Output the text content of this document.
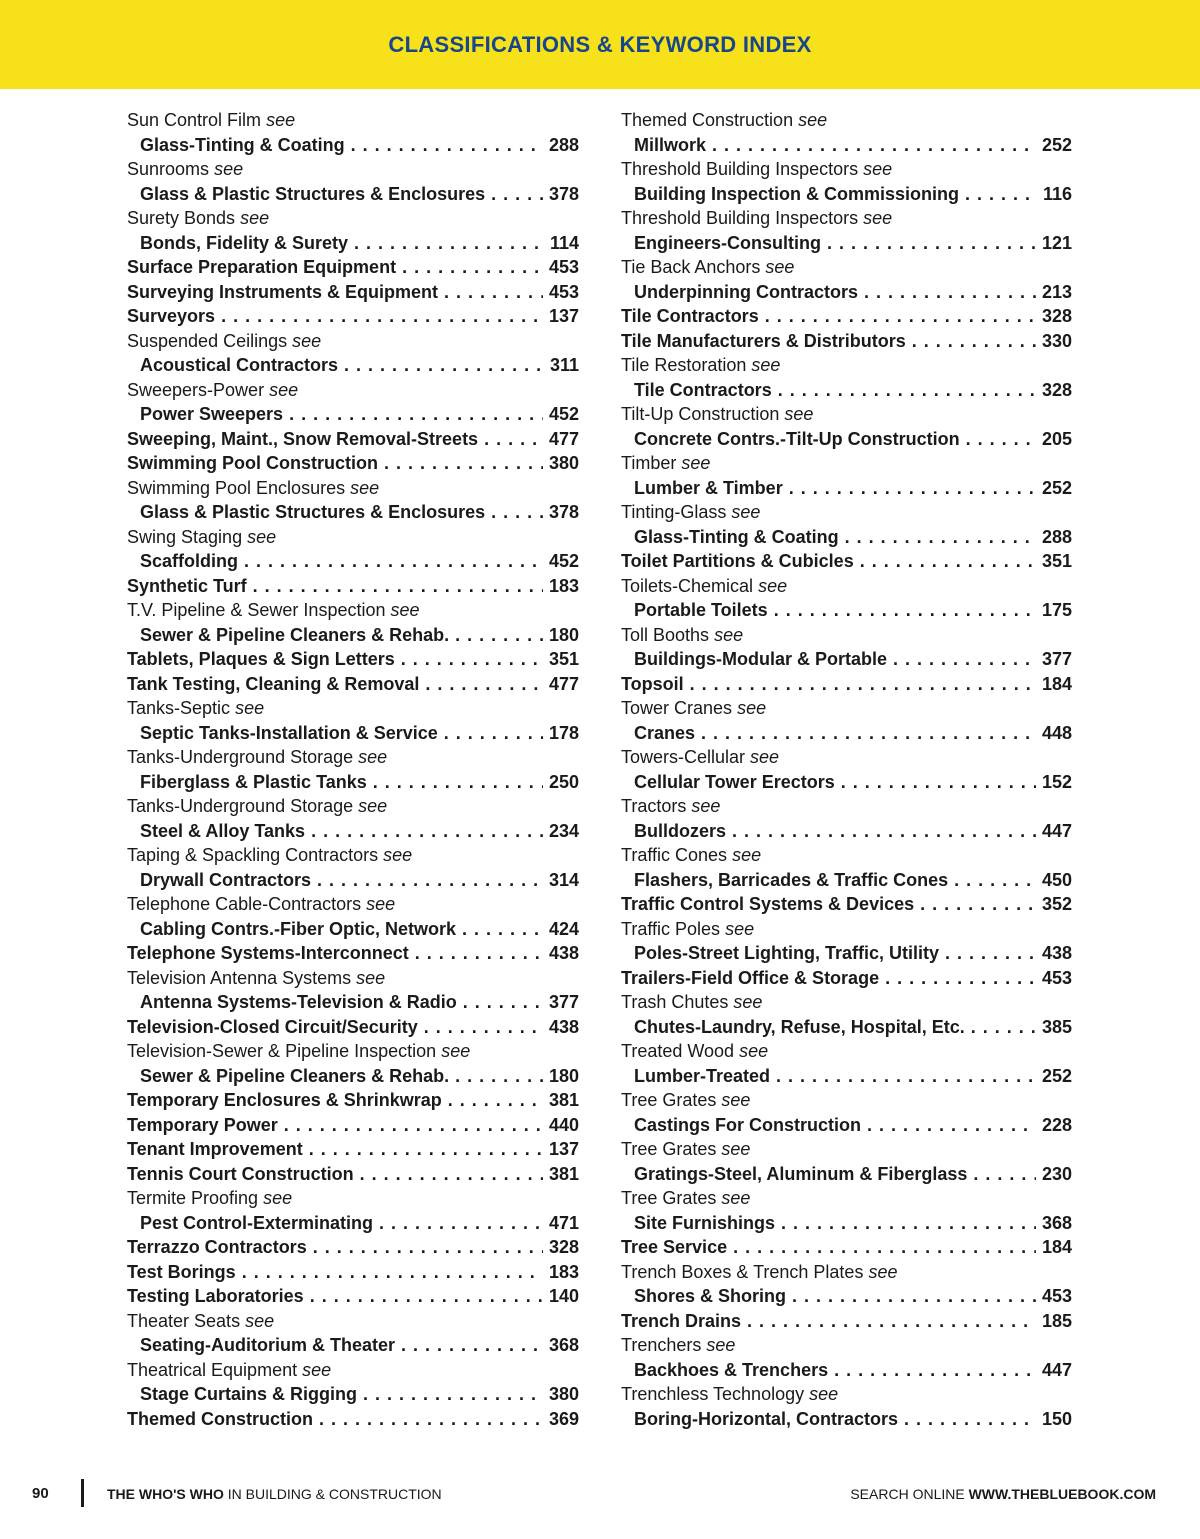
CLASSIFICATIONS & KEYWORD INDEX
Sun Control Film see
Glass-Tinting & Coating . . .	288
Sunrooms see
Glass & Plastic Structures & Enclosures . . .	378
Surety Bonds see
Bonds, Fidelity & Surety . . .	114
Surface Preparation Equipment . . .	453
Surveying Instruments & Equipment . . .	453
Surveyors . . .	137
Suspended Ceilings see
Acoustical Contractors . . .	311
Sweepers-Power see
Power Sweepers . . .	452
Sweeping, Maint., Snow Removal-Streets . . .	477
Swimming Pool Construction . . .	380
Swimming Pool Enclosures see
Glass & Plastic Structures & Enclosures . . .	378
Swing Staging see
Scaffolding . . .	452
Synthetic Turf . . .	183
T.V. Pipeline & Sewer Inspection see
Sewer & Pipeline Cleaners & Rehab. . . .	180
Tablets, Plaques & Sign Letters . . .	351
Tank Testing, Cleaning & Removal . . .	477
Tanks-Septic see
Septic Tanks-Installation & Service . . .	178
Tanks-Underground Storage see
Fiberglass & Plastic Tanks . . .	250
Tanks-Underground Storage see
Steel & Alloy Tanks . . .	234
Taping & Spackling Contractors see
Drywall Contractors . . .	314
Telephone Cable-Contractors see
Cabling Contrs.-Fiber Optic, Network . . .	424
Telephone Systems-Interconnect . . .	438
Television Antenna Systems see
Antenna Systems-Television & Radio . . .	377
Television-Closed Circuit/Security . . .	438
Television-Sewer & Pipeline Inspection see
Sewer & Pipeline Cleaners & Rehab. . . .	180
Temporary Enclosures & Shrinkwrap . . .	381
Temporary Power . . .	440
Tenant Improvement . . .	137
Tennis Court Construction . . .	381
Termite Proofing see
Pest Control-Exterminating . . .	471
Terrazzo Contractors . . .	328
Test Borings . . .	183
Testing Laboratories . . .	140
Theater Seats see
Seating-Auditorium & Theater . . .	368
Theatrical Equipment see
Stage Curtains & Rigging . . .	380
Themed Construction . . .	369
Themed Construction see
Millwork . . .	252
Threshold Building Inspectors see
Building Inspection & Commissioning . . .	116
Threshold Building Inspectors see
Engineers-Consulting . . .	121
Tie Back Anchors see
Underpinning Contractors . . .	213
Tile Contractors . . .	328
Tile Manufacturers & Distributors . . .	330
Tile Restoration see
Tile Contractors . . .	328
Tilt-Up Construction see
Concrete Contrs.-Tilt-Up Construction . . .	205
Timber see
Lumber & Timber . . .	252
Tinting-Glass see
Glass-Tinting & Coating . . .	288
Toilet Partitions & Cubicles . . .	351
Toilets-Chemical see
Portable Toilets . . .	175
Toll Booths see
Buildings-Modular & Portable . . .	377
Topsoil . . .	184
Tower Cranes see
Cranes . . .	448
Towers-Cellular see
Cellular Tower Erectors . . .	152
Tractors see
Bulldozers . . .	447
Traffic Cones see
Flashers, Barricades & Traffic Cones . . .	450
Traffic Control Systems & Devices . . .	352
Traffic Poles see
Poles-Street Lighting, Traffic, Utility . . .	438
Trailers-Field Office & Storage . . .	453
Trash Chutes see
Chutes-Laundry, Refuse, Hospital, Etc. . . .	385
Treated Wood see
Lumber-Treated . . .	252
Tree Grates see
Castings For Construction . . .	228
Tree Grates see
Gratings-Steel, Aluminum & Fiberglass . . .	230
Tree Grates see
Site Furnishings . . .	368
Tree Service . . .	184
Trench Boxes & Trench Plates see
Shores & Shoring . . .	453
Trench Drains . . .	185
Trenchers see
Backhoes & Trenchers . . .	447
Trenchless Technology see
Boring-Horizontal, Contractors . . .	150
90	THE WHO'S WHO IN BUILDING & CONSTRUCTION	SEARCH ONLINE WWW.THEBLUEBOOK.COM
